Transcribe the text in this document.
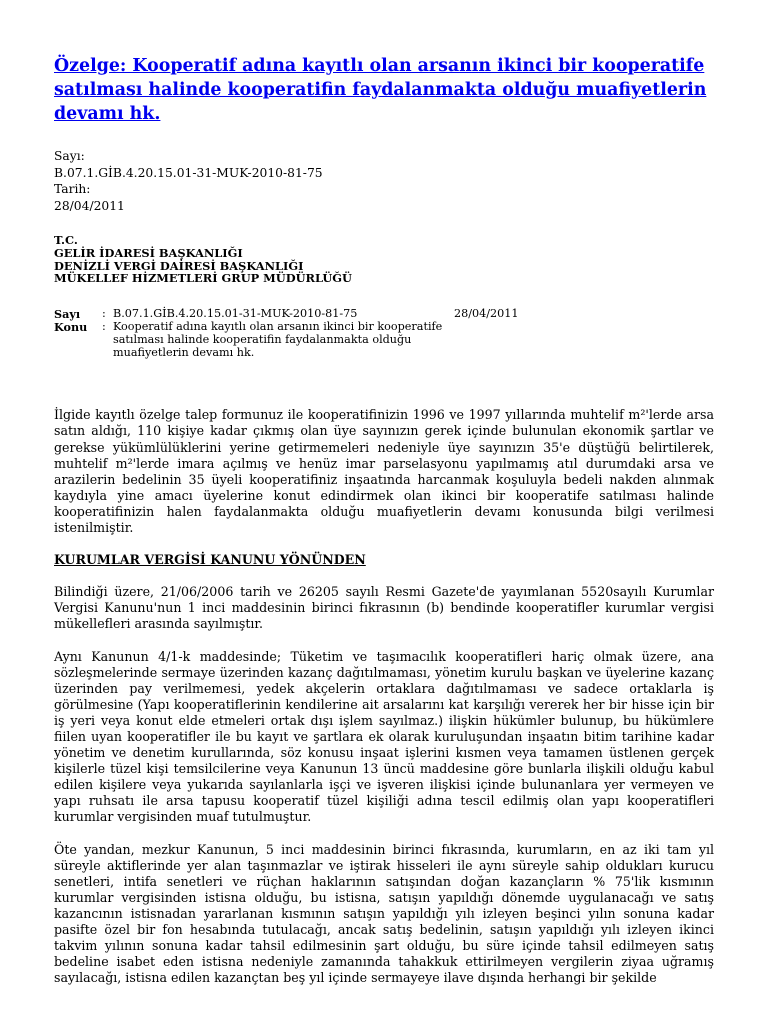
Özelge: Kooperatif adına kayıtlı olan arsanın ikinci bir kooperatife satılması halinde kooperatifin faydalanmakta olduğu muafiyetlerin devamı hk.
Sayı:
B.07.1.GİB.4.20.15.01-31-MUK-2010-81-75
Tarih:
28/04/2011
T.C.
GELİR İDARESİ BAŞKANLIĞI
DENİZLİ VERGİ DAİRESİ BAŞKANLIĞI
MÜKELLEF HİZMETLERİ GRUP MÜDÜRLÜĞÜ
Sayı	:	B.07.1.GİB.4.20.15.01-31-MUK-2010-81-75	28/04/2011
Konu	:	Kooperatif adına kayıtlı olan arsanın ikinci bir kooperatife satılması halinde kooperatifin faydalanmakta olduğu muafiyetlerin devamı hk.	

İlgide kayıtlı özelge talep formunuz ile kooperatifinizin 1996 ve 1997 yıllarında muhtelif m²'lerde arsa satın aldığı, 110 kişiye kadar çıkmış olan üye sayınızın gerek içinde bulunulan ekonomik şartlar ve gerekse yükümlülüklerini yerine getirmemeleri nedeniyle üye sayınızın 35'e düştüğü belirtilerek, muhtelif m²'lerde imara açılmış ve henüz imar parselasyonu yapılmamış atıl durumdaki arsa ve arazilerin bedelinin 35 üyeli kooperatifiniz inşaatında harcanmak koşuluyla bedeli nakden alınmak kaydıyla yine amacı üyelerine konut edindirmek olan ikinci bir kooperatife satılması halinde kooperatifinizin halen faydalanmakta olduğu muafiyetlerin devamı konusunda bilgi verilmesi istenilmiştir.

KURUMLAR VERGİSİ KANUNU YÖNÜNDEN

Bilindiği üzere, 21/06/2006 tarih ve 26205 sayılı Resmi Gazete'de yayımlanan 5520sayılı Kurumlar Vergisi Kanunu'nun 1 inci maddesinin birinci fıkrasının (b) bendinde kooperatifler kurumlar vergisi mükellefleri arasında sayılmıştır.

Aynı Kanunun 4/1-k maddesinde; Tüketim ve taşımacılık kooperatifleri hariç olmak üzere, ana sözleşmelerinde sermaye üzerinden kazanç dağıtılmaması, yönetim kurulu başkan ve üyelerine kazanç üzerinden pay verilmemesi, yedek akçelerin ortaklara dağıtılmaması ve sadece ortaklarla iş görülmesine (Yapı kooperatiflerinin kendilerine ait arsalarını kat karşılığı vererek her bir hisse için bir iş yeri veya konut elde etmeleri ortak dışı işlem sayılmaz.) ilişkin hükümler bulunup, bu hükümlere fiilen uyan kooperatifler ile bu kayıt ve şartlara ek olarak kuruluşundan inşaatın bitim tarihine kadar yönetim ve denetim kurullarında, söz konusu inşaat işlerini kısmen veya tamamen üstlenen gerçek kişilerle tüzel kişi temsilcilerine veya Kanunun 13 üncü maddesine göre bunlarla ilişkili olduğu kabul edilen kişilere veya yukarıda sayılanlarla işçi ve işveren ilişkisi içinde bulunanlara yer vermeyen ve yapı ruhsatı ile arsa tapusu kooperatif tüzel kişiliği adına tescil edilmiş olan yapı kooperatifleri kurumlar vergisinden muaf tutulmuştur.

Öte yandan, mezkur Kanunun, 5 inci maddesinin birinci fıkrasında, kurumların, en az iki tam yıl süreyle aktiflerinde yer alan taşınmazlar ve iştirak hisseleri ile aynı süreyle sahip oldukları kurucu senetleri, intifa senetleri ve rüçhan haklarının satışından doğan kazançların % 75'lik kısmının kurumlar vergisinden istisna olduğu, bu istisna, satışın yapıldığı dönemde uygulanacağı ve satış kazancının istisnadan yararlanan kısmının satışın yapıldığı yılı izleyen beşinci yılın sonuna kadar pasifte özel bir fon hesabında tutulacağı, ancak satış bedelinin, satışın yapıldığı yılı izleyen ikinci takvim yılının sonuna kadar tahsil edilmesinin şart olduğu, bu süre içinde tahsil edilmeyen satış bedeline isabet eden istisna nedeniyle zamanında tahakkuk ettirilmeyen vergilerin ziyaa uğramış sayılacağı, istisna edilen kazançtan beş yıl içinde sermayeye ilave dışında herhangi bir şekilde
